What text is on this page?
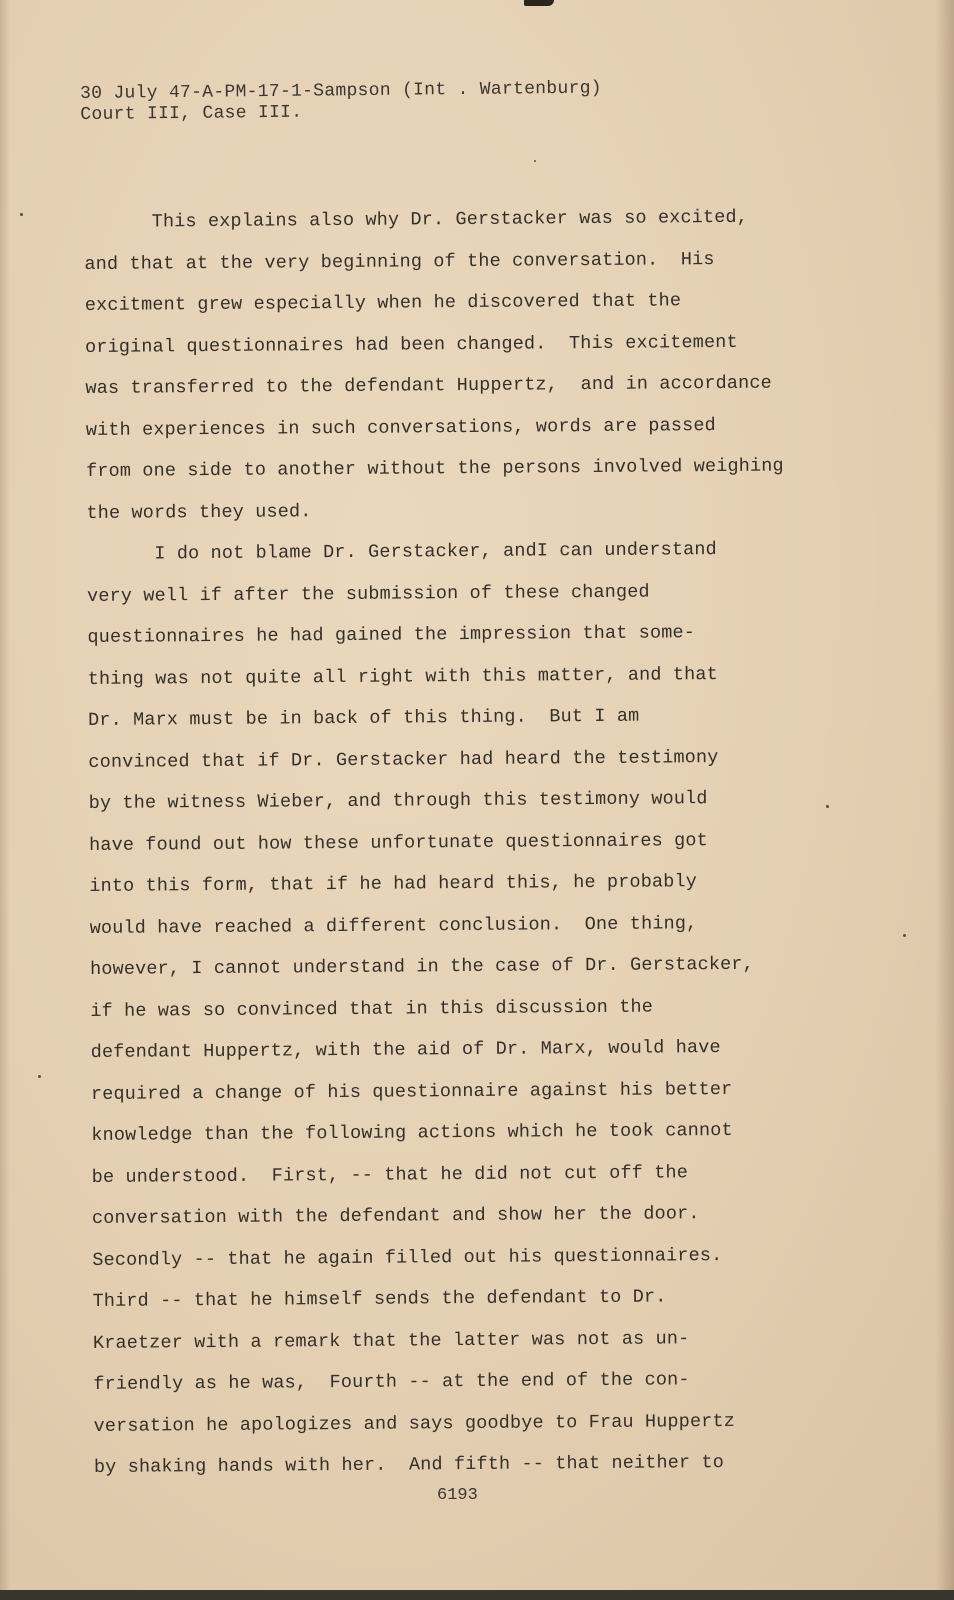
30 July 47-A-PM-17-1-Sampson (Int . Wartenburg)
Court III, Case III.
This explains also why Dr. Gerstacker was so excited,
and that at the very beginning of the conversation.  His
excitment grew especially when he discovered that the
original questionnaires had been changed.  This excitement
was transferred to the defendant Huppertz,  and in accordance
with experiences in such conversations, words are passed
from one side to another without the persons involved weighing
the words they used.
I do not blame Dr. Gerstacker, andI can understand
very well if after the submission of these changed
questionnaires he had gained the impression that some-
thing was not quite all right with this matter, and that
Dr. Marx must be in back of this thing.  But I am
convinced that if Dr. Gerstacker had heard the testimony
by the witness Wieber, and through this testimony would
have found out how these unfortunate questionnaires got
into this form, that if he had heard this, he probably
would have reached a different conclusion.  One thing,
however, I cannot understand in the case of Dr. Gerstacker,
if he was so convinced that in this discussion the
defendant Huppertz, with the aid of Dr. Marx, would have
required a change of his questionnaire against his better
knowledge than the following actions which he took cannot
be understood.  First, -- that he did not cut off the
conversation with the defendant and show her the door.
Secondly -- that he again filled out his questionnaires.
Third -- that he himself sends the defendant to Dr.
Kraetzer with a remark that the latter was not as un-
friendly as he was,  Fourth -- at the end of the con-
versation he apologizes and says goodbye to Frau Huppertz
by shaking hands with her.  And fifth -- that neither to
6193
